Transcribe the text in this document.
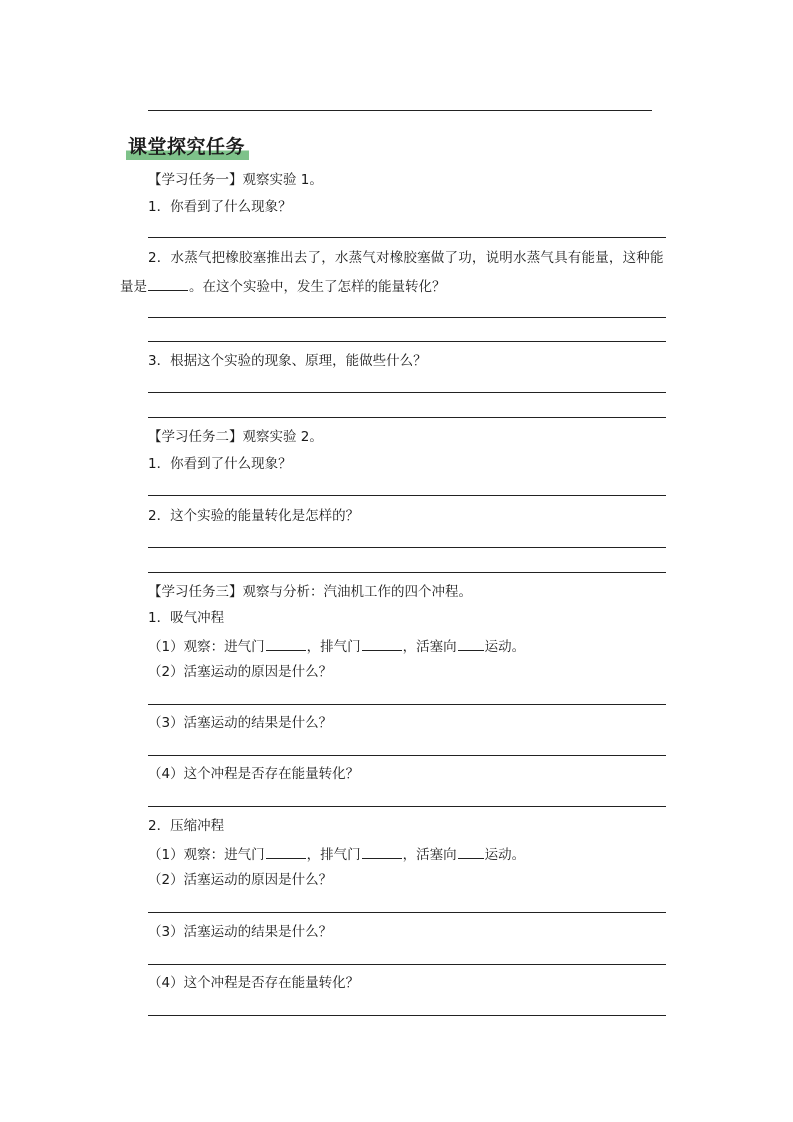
课堂探究任务
【学习任务一】观察实验 1。
1．你看到了什么现象？
2．水蒸气把橡胶塞推出去了，水蒸气对橡胶塞做了功，说明水蒸气具有能量，这种能
量是	。在这个实验中，发生了怎样的能量转化？
3．根据这个实验的现象、原理，能做些什么？
【学习任务二】观察实验 2。
1．你看到了什么现象？
2．这个实验的能量转化是怎样的？
【学习任务三】观察与分析：汽油机工作的四个冲程。
1．吸气冲程
（1）观察：进气门	，排气门	，活塞向 运动。
（2）活塞运动的原因是什么？
（3）活塞运动的结果是什么？
（4）这个冲程是否存在能量转化？
2．压缩冲程
（1）观察：进气门	，排气门	，活塞向 运动。
（2）活塞运动的原因是什么？
（3）活塞运动的结果是什么？
（4）这个冲程是否存在能量转化？
